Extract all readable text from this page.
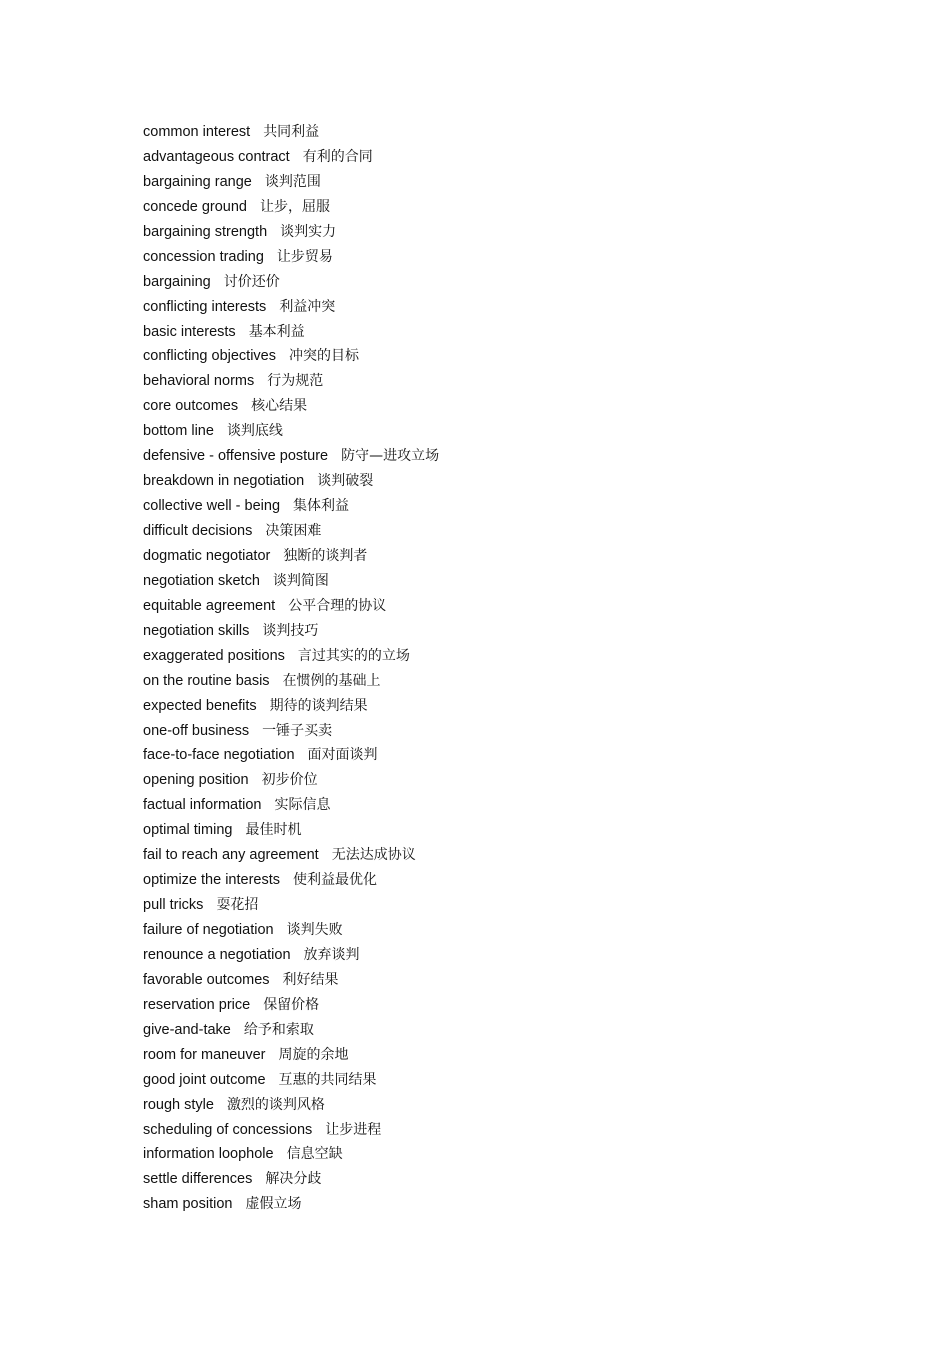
common interest 共同利益
advantageous contract 有利的合同
bargaining range 谈判范围
concede ground 让步，屈服
bargaining strength 谈判实力
concession trading 让步贸易
bargaining 讨价还价
conflicting interests 利益冲突
basic interests 基本利益
conflicting objectives 冲突的目标
behavioral norms 行为规范
core outcomes 核心结果
bottom line 谈判底线
defensive - offensive posture 防守—进攻立场
breakdown in negotiation 谈判破裂
collective well - being 集体利益
difficult decisions 决策困难
dogmatic negotiator 独断的谈判者
negotiation sketch 谈判简图
equitable agreement 公平合理的协议
negotiation skills 谈判技巧
exaggerated positions 言过其实的的立场
on the routine basis 在惯例的基础上
expected benefits 期待的谈判结果
one-off business 一锤子买卖
face-to-face negotiation 面对面谈判
opening position 初步价位
factual information 实际信息
optimal timing 最佳时机
fail to reach any agreement 无法达成协议
optimize the interests 使利益最优化
pull tricks 耍花招
failure of negotiation 谈判失败
renounce a negotiation 放弃谈判
favorable outcomes 利好结果
reservation price 保留价格
give-and-take 给予和索取
room for maneuver 周旋的余地
good joint outcome 互惠的共同结果
rough style 激烈的谈判风格
scheduling of concessions 让步进程
information loophole 信息空缺
settle differences 解决分歧
sham position 虚假立场
